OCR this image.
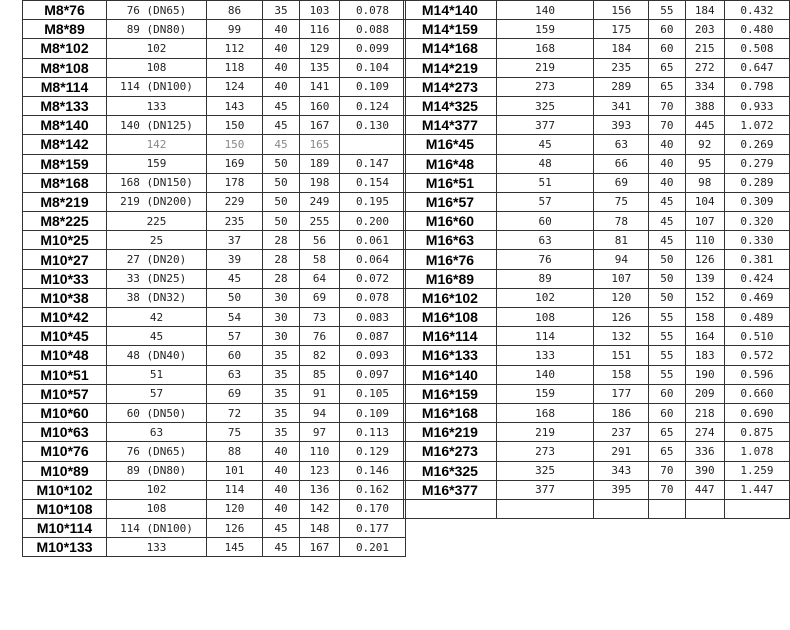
M8*76	76 (DN65)	86	35	103	0.078
M8*89	89 (DN80)	99	40	116	0.088
M8*102	102	112	40	129	0.099
M8*108	108	118	40	135	0.104
M8*114	114 (DN100)	124	40	141	0.109
M8*133	133	143	45	160	0.124
M8*140	140 (DN125)	150	45	167	0.130
M8*142	142	150	45	165	
M8*159	159	169	50	189	0.147
M8*168	168 (DN150)	178	50	198	0.154
M8*219	219 (DN200)	229	50	249	0.195
M8*225	225	235	50	255	0.200
M10*25	25	37	28	56	0.061
M10*27	27 (DN20)	39	28	58	0.064
M10*33	33 (DN25)	45	28	64	0.072
M10*38	38 (DN32)	50	30	69	0.078
M10*42	42	54	30	73	0.083
M10*45	45	57	30	76	0.087
M10*48	48 (DN40)	60	35	82	0.093
M10*51	51	63	35	85	0.097
M10*57	57	69	35	91	0.105
M10*60	60 (DN50)	72	35	94	0.109
M10*63	63	75	35	97	0.113
M10*76	76 (DN65)	88	40	110	0.129
M10*89	89 (DN80)	101	40	123	0.146
M10*102	102	114	40	136	0.162
M10*108	108	120	40	142	0.170
M10*114	114 (DN100)	126	45	148	0.177
M10*133	133	145	45	167	0.201
M14*140	140	156	55	184	0.432
M14*159	159	175	60	203	0.480
M14*168	168	184	60	215	0.508
M14*219	219	235	65	272	0.647
M14*273	273	289	65	334	0.798
M14*325	325	341	70	388	0.933
M14*377	377	393	70	445	1.072
M16*45	45	63	40	92	0.269
M16*48	48	66	40	95	0.279
M16*51	51	69	40	98	0.289
M16*57	57	75	45	104	0.309
M16*60	60	78	45	107	0.320
M16*63	63	81	45	110	0.330
M16*76	76	94	50	126	0.381
M16*89	89	107	50	139	0.424
M16*102	102	120	50	152	0.469
M16*108	108	126	55	158	0.489
M16*114	114	132	55	164	0.510
M16*133	133	151	55	183	0.572
M16*140	140	158	55	190	0.596
M16*159	159	177	60	209	0.660
M16*168	168	186	60	218	0.690
M16*219	219	237	65	274	0.875
M16*273	273	291	65	336	1.078
M16*325	325	343	70	390	1.259
M16*377	377	395	70	447	1.447
